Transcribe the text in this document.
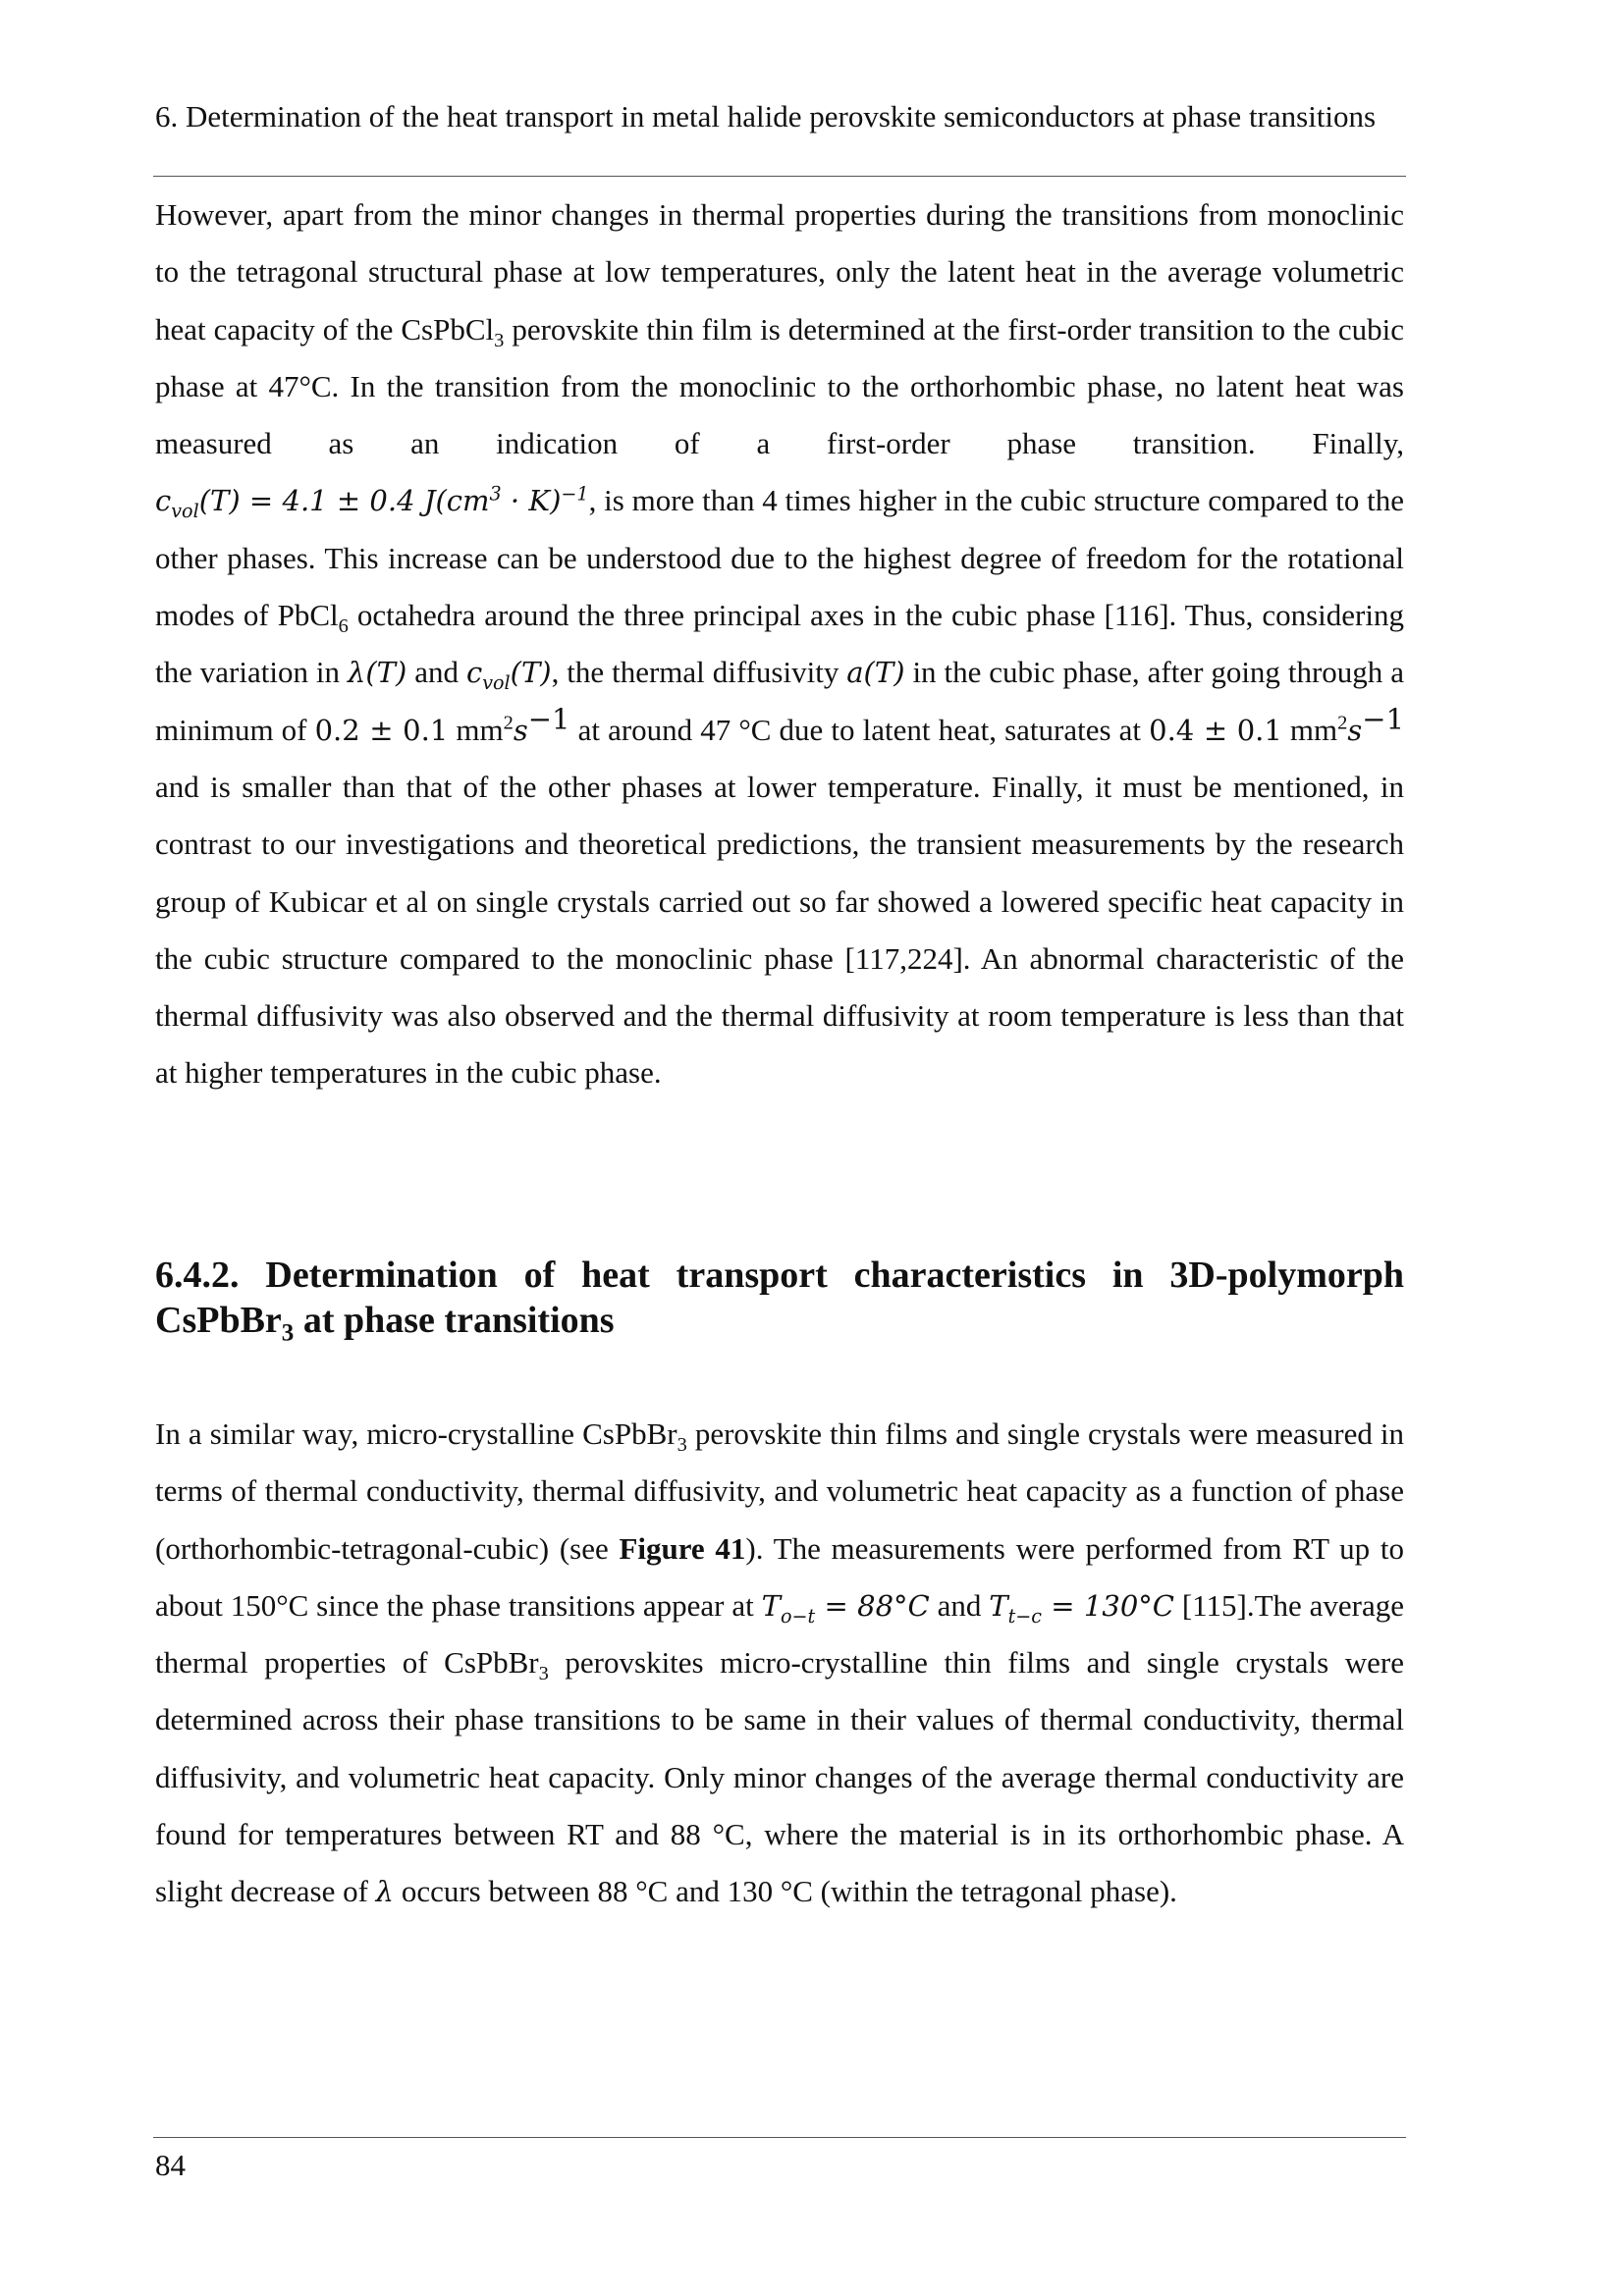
6. Determination of the heat transport in metal halide perovskite semiconductors at phase transitions

However, apart from the minor changes in thermal properties during the transitions from monoclinic to the tetragonal structural phase at low temperatures, only the latent heat in the average volumetric heat capacity of the CsPbCl$_3$ perovskite thin film is determined at the first-order transition to the cubic phase at 47°C. In the transition from the monoclinic to the orthorhombic phase, no latent heat was measured as an indication of a first-order phase transition. Finally, $c_{vol}(T) = 4.1 \pm 0.4$ $J(cm^3 \cdot K)^{-1}$, is more than 4 times higher in the cubic structure compared to the other phases. This increase can be understood due to the highest degree of freedom for the rotational modes of PbCl$_6$ octahedra around the three principal axes in the cubic phase [116]. Thus, considering the variation in λ(T) and $c_{vol}(T)$, the thermal diffusivity a(T) in the cubic phase, after going through a minimum of 0.2 ± 0.1 $mm^2s^{-1}$ at around 47 °C due to latent heat, saturates at 0.4 ± 0.1 $mm^2s^{-1}$ and is smaller than that of the other phases at lower temperature. Finally, it must be mentioned, in contrast to our investigations and theoretical predictions, the transient measurements by the research group of Kubicar et al on single crystals carried out so far showed a lowered specific heat capacity in the cubic structure compared to the monoclinic phase [117,224]. An abnormal characteristic of the thermal diffusivity was also observed and the thermal diffusivity at room temperature is less than that at higher temperatures in the cubic phase.

6.4.2. Determination of heat transport characteristics in 3D-polymorph CsPbBr$_3$ at phase transitions

In a similar way, micro-crystalline CsPbBr$_3$ perovskite thin films and single crystals were measured in terms of thermal conductivity, thermal diffusivity, and volumetric heat capacity as a function of phase (orthorhombic-tetragonal-cubic) (see Figure 41). The measurements were performed from RT up to about 150°C since the phase transitions appear at $T_{o-t} = 88^\circ C$ and $T_{t-c} = 130^\circ C$ [115].The average thermal properties of CsPbBr$_3$ perovskites micro-crystalline thin films and single crystals were determined across their phase transitions to be same in their values of thermal conductivity, thermal diffusivity, and volumetric heat capacity. Only minor changes of the average thermal conductivity are found for temperatures between RT and 88 °C, where the material is in its orthorhombic phase. A slight decrease of λ occurs between 88 °C and 130 °C (within the tetragonal phase).

84
